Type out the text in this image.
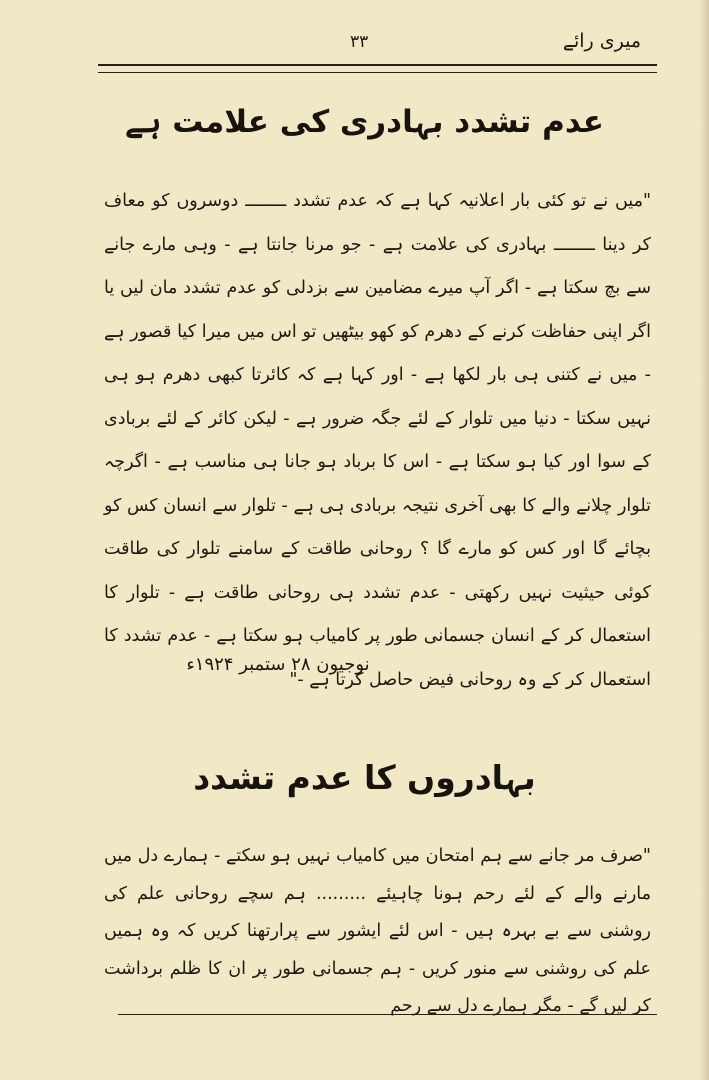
۳۳	میری رائے
عدم تشدد بہادری کی علامت ہے

"میں نے تو کئی بار اعلانیہ کہا ہے کہ عدم تشدد ــــــــ دوسروں کو معاف کر دینا ــــــــ بہادری کی علامت ہے - جو مرنا جانتا ہے - وہی مارے جانے سے بچ سکتا ہے - اگر آپ میرے مضامین سے بزدلی کو عدم تشدد مان لیں یا اگر اپنی حفاظت کرنے کے دھرم کو کھو بیٹھیں تو اس میں میرا کیا قصور ہے - میں نے کتنی ہی بار لکھا ہے - اور کہا ہے کہ کائرتا کبھی دھرم ہو ہی نہیں سکتا - دنیا میں تلوار کے لئے جگہ ضرور ہے - لیکن کائر کے لئے بربادی کے سوا اور کیا ہو سکتا ہے - اس کا برباد ہو جانا ہی مناسب ہے - اگرچہ تلوار چلانے والے کا بھی آخری نتیجہ بربادی ہی ہے - تلوار سے انسان کس کو بچائے گا اور کس کو مارے گا ؟ روحانی طاقت کے سامنے تلوار کی طاقت کوئی حیثیت نہیں رکھتی - عدم تشدد ہی روحانی طاقت ہے - تلوار کا استعمال کر کے انسان جسمانی طور پر کامیاب ہو سکتا ہے - عدم تشدد کا استعمال کر کے وہ روحانی فیض حاصل کرتا ہے -"

نوجیون ۲۸ ستمبر ۱۹۲۴ء
بہادروں کا عدم تشدد

"صرف مر جانے سے ہم امتحان میں کامیاب نہیں ہو سکتے - ہمارے دل میں مارنے والے کے لئے رحم ہونا چاہیئے ......... ہم سچے روحانی علم کی روشنی سے بے بہرہ ہیں - اس لئے ایشور سے پرارتھنا کریں کہ وہ ہمیں علم کی روشنی سے منور کریں - ہم جسمانی طور پر ان کا ظلم برداشت کر لیں گے - مگر ہمارے دل سے رحم
